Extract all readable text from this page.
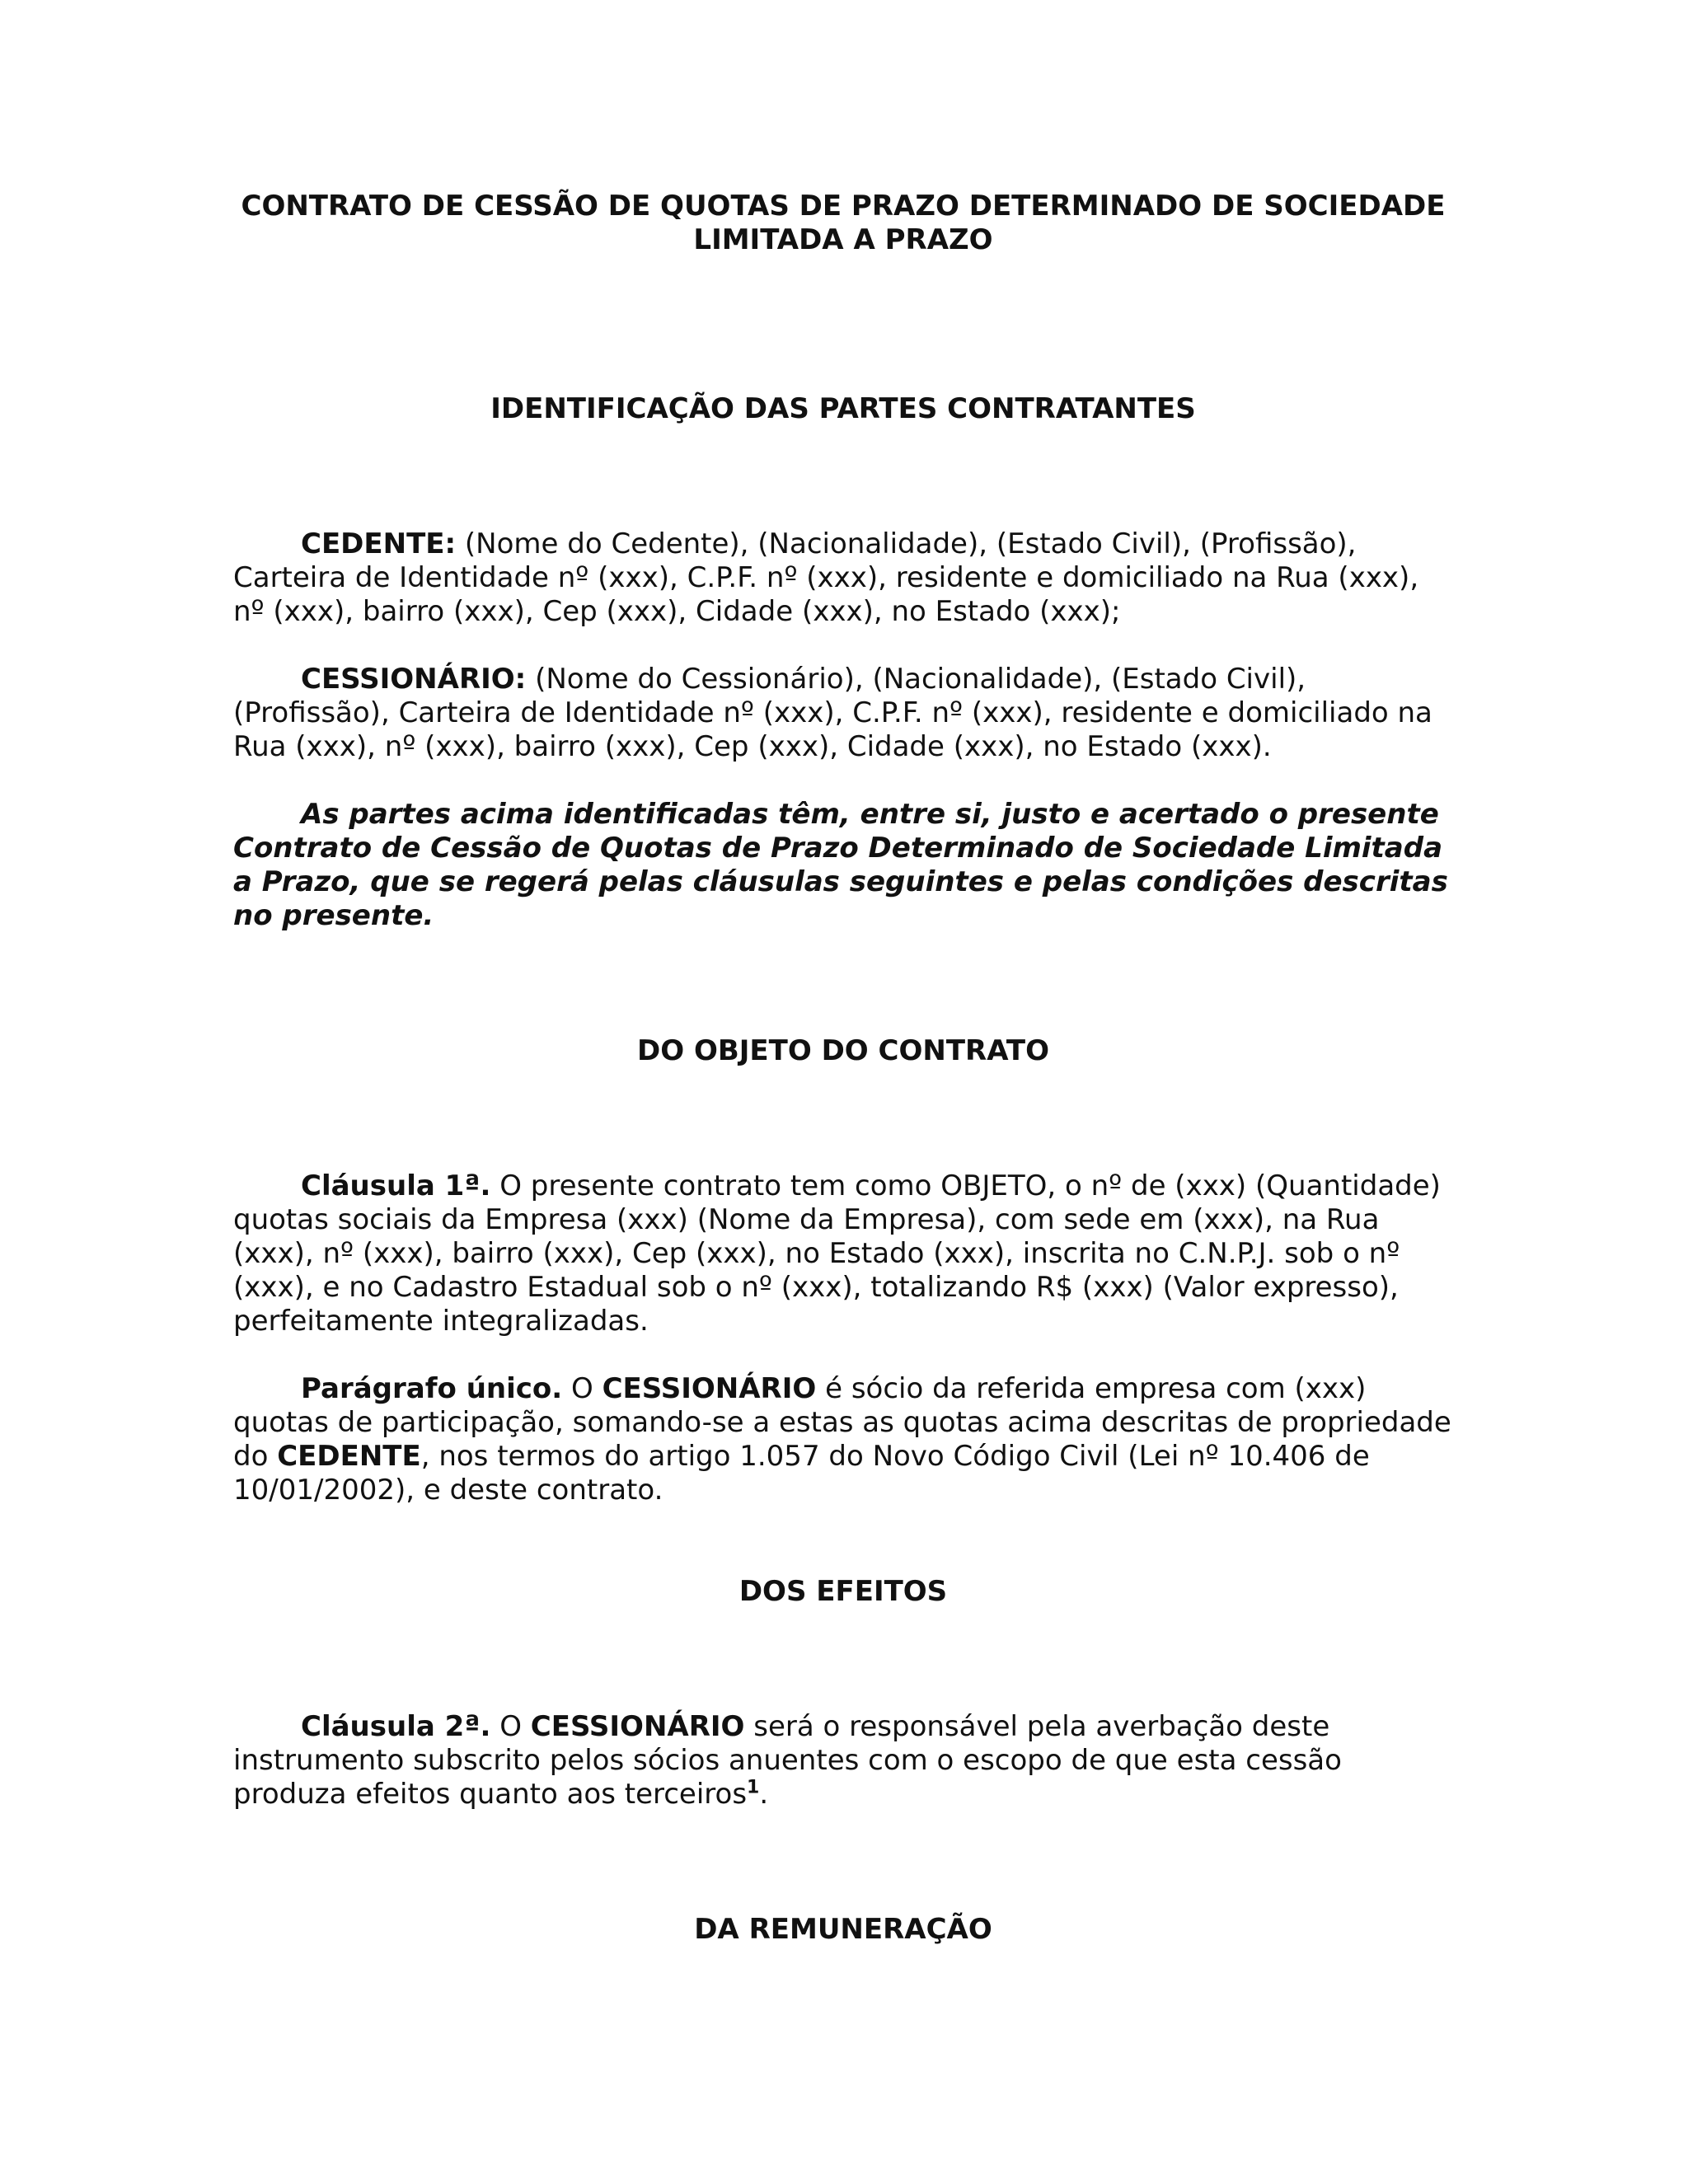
CONTRATO DE CESSÃO DE QUOTAS DE PRAZO DETERMINADO DE SOCIEDADE
LIMITADA A PRAZO

IDENTIFICAÇÃO DAS PARTES CONTRATANTES

CEDENTE: (Nome do Cedente), (Nacionalidade), (Estado Civil), (Profissão), Carteira de Identidade nº (xxx), C.P.F. nº (xxx), residente e domiciliado na Rua (xxx), nº (xxx), bairro (xxx), Cep (xxx), Cidade (xxx), no Estado (xxx);

CESSIONÁRIO: (Nome do Cessionário), (Nacionalidade), (Estado Civil), (Profissão), Carteira de Identidade nº (xxx), C.P.F. nº (xxx), residente e domiciliado na Rua (xxx), nº (xxx), bairro (xxx), Cep (xxx), Cidade (xxx), no Estado (xxx).

As partes acima identificadas têm, entre si, justo e acertado o presente Contrato de Cessão de Quotas de Prazo Determinado de Sociedade Limitada a Prazo, que se regerá pelas cláusulas seguintes e pelas condições descritas no presente.

DO OBJETO DO CONTRATO

Cláusula 1ª. O presente contrato tem como OBJETO, o nº de (xxx) (Quantidade) quotas sociais da Empresa (xxx) (Nome da Empresa), com sede em (xxx), na Rua (xxx), nº (xxx), bairro (xxx), Cep (xxx), no Estado (xxx), inscrita no C.N.P.J. sob o nº (xxx), e no Cadastro Estadual sob o nº (xxx), totalizando R$ (xxx) (Valor expresso), perfeitamente integralizadas.

Parágrafo único. O CESSIONÁRIO é sócio da referida empresa com (xxx) quotas de participação, somando-se a estas as quotas acima descritas de propriedade do CEDENTE, nos termos do artigo 1.057 do Novo Código Civil (Lei nº 10.406 de 10/01/2002), e deste contrato.

DOS EFEITOS

Cláusula 2ª. O CESSIONÁRIO será o responsável pela averbação deste instrumento subscrito pelos sócios anuentes com o escopo de que esta cessão produza efeitos quanto aos terceiros$^1$.

DA REMUNERAÇÃO
